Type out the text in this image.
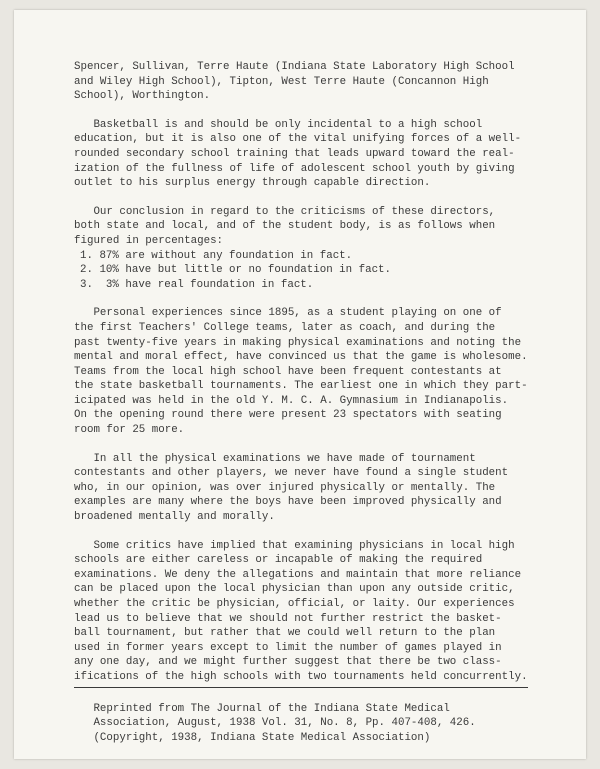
Spencer, Sullivan, Terre Haute (Indiana State Laboratory High School
and Wiley High School), Tipton, West Terre Haute (Concannon High
School), Worthington.
Basketball is and should be only incidental to a high school
education, but it is also one of the vital unifying forces of a well-
rounded secondary school training that leads upward toward the real-
ization of the fullness of life of adolescent school youth by giving
outlet to his surplus energy through capable direction.
Our conclusion in regard to the criticisms of these directors,
both state and local, and of the student body, is as follows when
figured in percentages:
1. 87% are without any foundation in fact.
2. 10% have but little or no foundation in fact.
3.  3% have real foundation in fact.
Personal experiences since 1895, as a student playing on one of
the first Teachers' College teams, later as coach, and during the
past twenty-five years in making physical examinations and noting the
mental and moral effect, have convinced us that the game is wholesome.
Teams from the local high school have been frequent contestants at
the state basketball tournaments. The earliest one in which they part-
icipated was held in the old Y. M. C. A. Gymnasium in Indianapolis.
On the opening round there were present 23 spectators with seating
room for 25 more.
In all the physical examinations we have made of tournament
contestants and other players, we never have found a single student
who, in our opinion, was over injured physically or mentally. The
examples are many where the boys have been improved physically and
broadened mentally and morally.
Some critics have implied that examining physicians in local high
schools are either careless or incapable of making the required
examinations. We deny the allegations and maintain that more reliance
can be placed upon the local physician than upon any outside critic,
whether the critic be physician, official, or laity. Our experiences
lead us to believe that we should not further restrict the basket-
ball tournament, but rather that we could well return to the plan
used in former years except to limit the number of games played in
any one day, and we might further suggest that there be two class-
ifications of the high schools with two tournaments held concurrently.
Reprinted from The Journal of the Indiana State Medical
Association, August, 1938 Vol. 31, No. 8, Pp. 407-408, 426.
(Copyright, 1938, Indiana State Medical Association)
